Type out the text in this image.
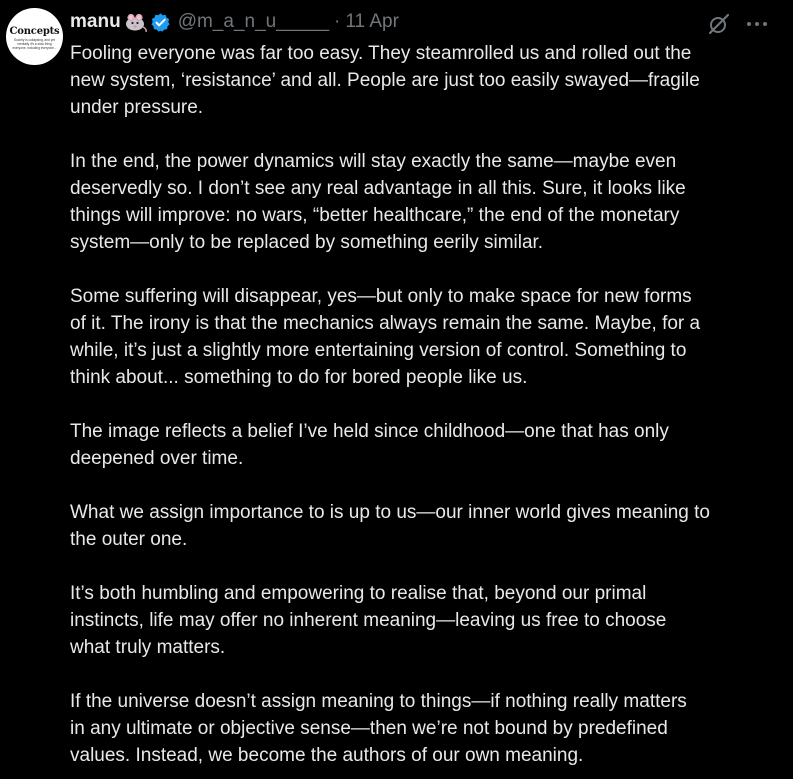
Concepts
Society is collapsing, and yet mentally it's a slow thing everyone, including everyone...
manu	@m_a_n_u_____ · 11 Apr

Fooling everyone was far too easy. They steamrolled us and rolled out the
new system, ‘resistance’ and all. People are just too easily swayed—fragile
under pressure.

In the end, the power dynamics will stay exactly the same—maybe even
deservedly so. I don’t see any real advantage in all this. Sure, it looks like
things will improve: no wars, “better healthcare,” the end of the monetary
system—only to be replaced by something eerily similar.

Some suffering will disappear, yes—but only to make space for new forms
of it. The irony is that the mechanics always remain the same. Maybe, for a
while, it’s just a slightly more entertaining version of control. Something to
think about... something to do for bored people like us.

The image reflects a belief I’ve held since childhood—one that has only
deepened over time.

What we assign importance to is up to us—our inner world gives meaning to
the outer one.

It’s both humbling and empowering to realise that, beyond our primal
instincts, life may offer no inherent meaning—leaving us free to choose
what truly matters.

If the universe doesn’t assign meaning to things—if nothing really matters
in any ultimate or objective sense—then we’re not bound by predefined
values. Instead, we become the authors of our own meaning.
